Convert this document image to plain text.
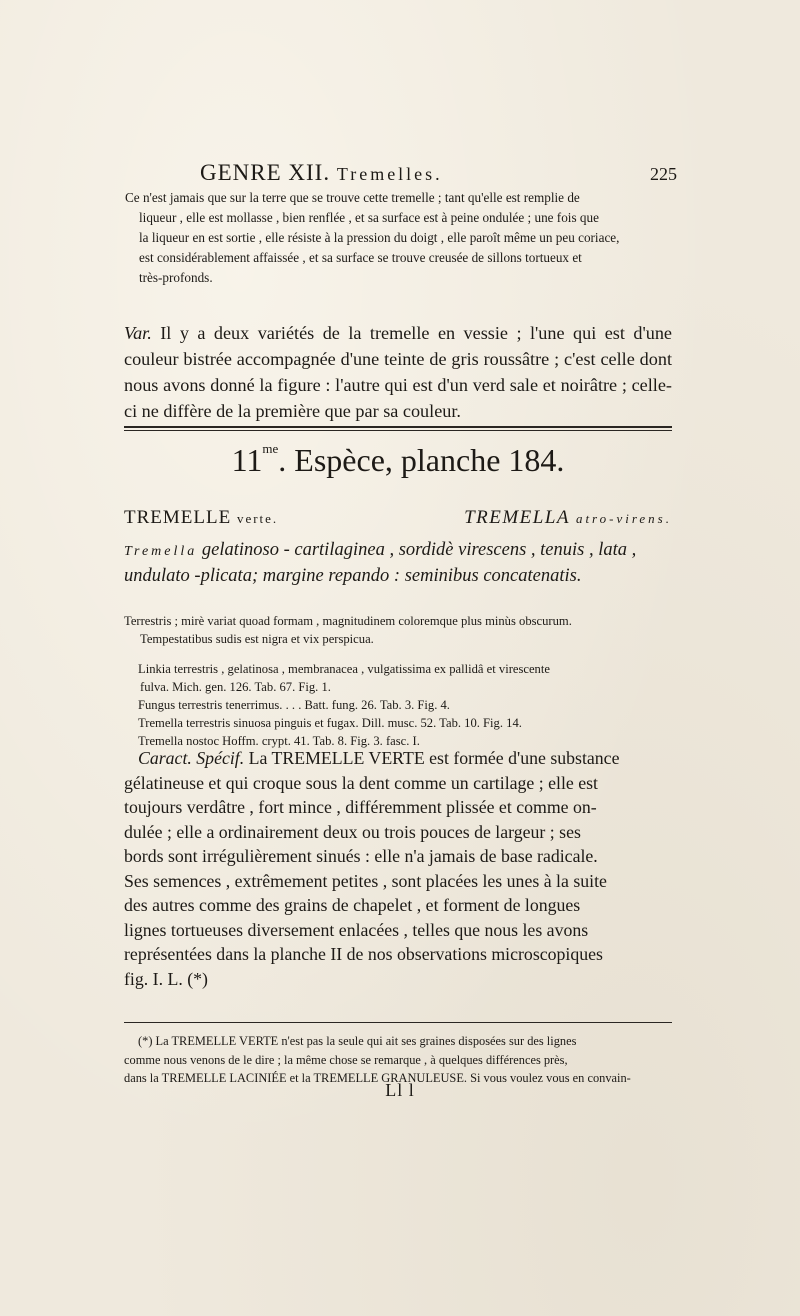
GENRE XII. Tremelles.	225
Ce n'est jamais que sur la terre que se trouve cette tremelle ; tant qu'elle est remplie de
liqueur , elle est mollasse , bien renflée , et sa surface est à peine ondulée ; une fois que
la liqueur en est sortie , elle résiste à la pression du doigt , elle paroît même un peu coriace,
est considérablement affaissée , et sa surface se trouve creusée de sillons tortueux et
très-profonds.

Var. Il y a deux variétés de la tremelle en vessie ; l'une qui est d'une couleur bistrée accompagnée d'une teinte de gris roussâtre ; c'est celle dont nous avons donné la figure : l'autre qui est d'un verd sale et noirâtre ; celle-ci ne diffère de la première que par sa couleur.

$11^{me}$. Espèce, planche 184.
TREMELLE verte.	TREMELLA atro-virens.
Tremella gelatinoso - cartilaginea , sordidè virescens , tenuis , lata , undulato -plicata; margine repando : seminibus concatenatis.
Terrestris ; mirè variat quoad formam , magnitudinem coloremque plus minùs obscurum.
Tempestatibus sudis est nigra et vix perspicua.
Linkia terrestris , gelatinosa , membranacea , vulgatissima ex pallidâ et virescente
fulva. Mich. gen. 126. Tab. 67. Fig. 1.
Fungus terrestris tenerrimus. . . . Batt. fung. 26. Tab. 3. Fig. 4.
Tremella terrestris sinuosa pinguis et fugax. Dill. musc. 52. Tab. 10. Fig. 14.
Tremella nostoc Hoffm. crypt. 41. Tab. 8. Fig. 3. fasc. I.
Caract. Spécif. La TREMELLE VERTE est formée d'une substance
gélatineuse et qui croque sous la dent comme un cartilage ; elle est
toujours verdâtre , fort mince , différemment plissée et comme on-
dulée ; elle a ordinairement deux ou trois pouces de largeur ; ses
bords sont irrégulièrement sinués : elle n'a jamais de base radicale.
Ses semences , extrêmement petites , sont placées les unes à la suite
des autres comme des grains de chapelet , et forment de longues
lignes tortueuses diversement enlacées , telles que nous les avons
représentées dans la planche II de nos observations microscopiques
fig. I. L. (*)
(*) La TREMELLE VERTE n'est pas la seule qui ait ses graines disposées sur des lignes
comme nous venons de le dire ; la même chose se remarque , à quelques différences près,
dans la TREMELLE LACINIÉE et la TREMELLE GRANULEUSE. Si vous voulez vous en convain-
Ll l
